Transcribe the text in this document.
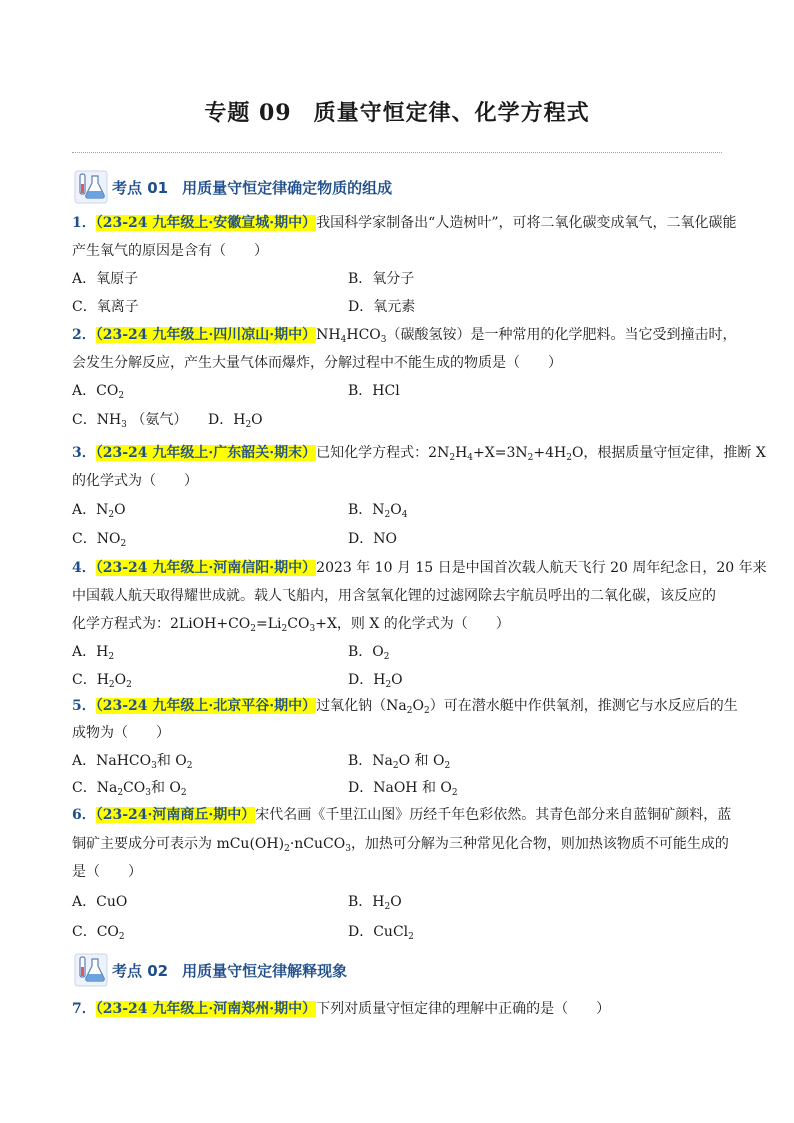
专题 09 质量守恒定律、化学方程式
考点 01 用质量守恒定律确定物质的组成
1．（23-24 九年级上·安徽宣城·期中）我国科学家制备出“人造树叶”，可将二氧化碳变成氧气，二氧化碳能
产生氧气的原因是含有（　　）
A．氧原子	B．氧分子
C．氧离子	D．氧元素
2．（23-24 九年级上·四川凉山·期中）$NH_4HCO_3$（碳酸氢铵）是一种常用的化学肥料。当它受到撞击时，
会发生分解反应，产生大量气体而爆炸，分解过程中不能生成的物质是（　　）
A．$CO_2$	B．HCl
C．$NH_3$ （氨气） D．$H_2O$
3．（23-24 九年级上·广东韶关·期末）已知化学方程式：$2N_2H_4+X=3N_2+4H_2O$，根据质量守恒定律，推断 X
的化学式为（　　）
A．$N_2O$	B．$N_2O_4$
C．$NO_2$	D．NO
4．（23-24 九年级上·河南信阳·期中）2023 年 10 月 15 日是中国首次载人航天飞行 20 周年纪念日，20 年来
中国载人航天取得耀世成就。载人飞船内，用含氢氧化锂的过滤网除去宇航员呼出的二氧化碳，该反应的
化学方程式为：$2LiOH+CO_2=Li_2CO_3+X$，则 X 的化学式为（　　）
A．$H_2$	B．$O_2$
C．$H_2O_2$	D．$H_2O$
5．（23-24 九年级上·北京平谷·期中）过氧化钠$(Na_2O_2)$可在潜水艇中作供氧剂，推测它与水反应后的生
成物为（　　）
A．NaHCO$_3$和 $O_2$	B．$Na_2O$ 和 $O_2$
C．$Na_2CO_3$和 $O_2$	D．NaOH 和 $O_2$
6．（23-24·河南商丘·期中）宋代名画《千里江山图》历经千年色彩依然。其青色部分来自蓝铜矿颜料，蓝
铜矿主要成分可表示为 $mCu(OH)_2\cdot nCuCO_3$，加热可分解为三种常见化合物，则加热该物质不可能生成的
是（　　）
A．CuO	B．$H_2O$
C．$CO_2$	D．CuCl$_2$
考点 02 用质量守恒定律解释现象
7．（23-24 九年级上·河南郑州·期中）下列对质量守恒定律的理解中正确的是（　　）
